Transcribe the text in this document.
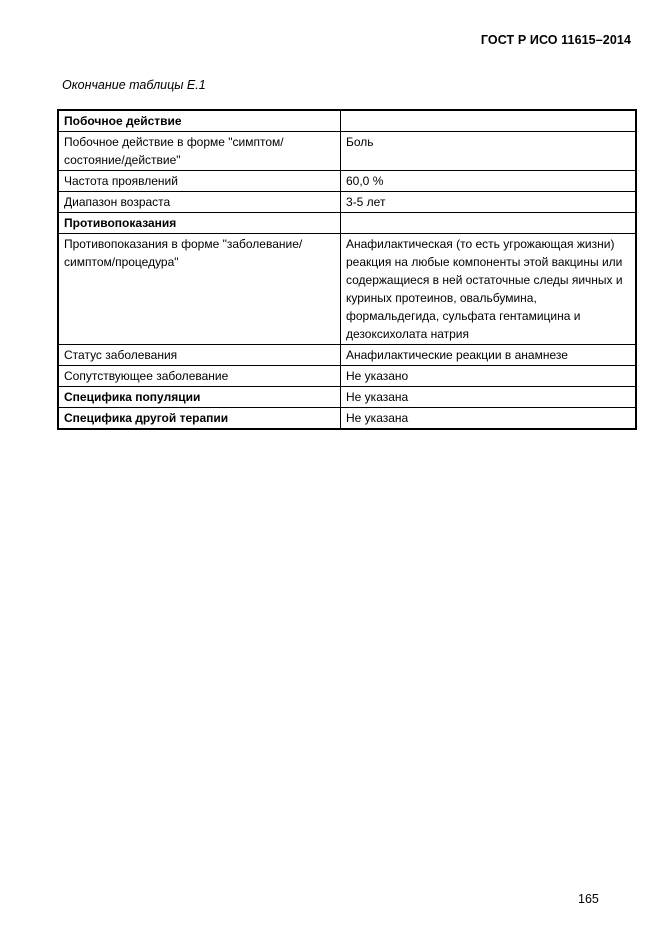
ГОСТ Р ИСО 11615–2014
Окончание таблицы Е.1
Побочное действие	
Побочное действие в форме "симптом/состояние/действие"	Боль
Частота проявлений	60,0 %
Диапазон возраста	3-5 лет
Противопоказания	
Противопоказания в форме "заболевание/симптом/процедура"	Анафилактическая (то есть угрожающая жизни) реакция на любые компоненты этой вакцины или содержащиеся в ней остаточные следы яичных и куриных протеинов, овальбумина, формальдегида, сульфата гентамицина и дезоксихолата натрия
Статус заболевания	Анафилактические реакции в анамнезе
Сопутствующее заболевание	Не указано
Специфика популяции	Не указана
Специфика другой терапии	Не указана
165
